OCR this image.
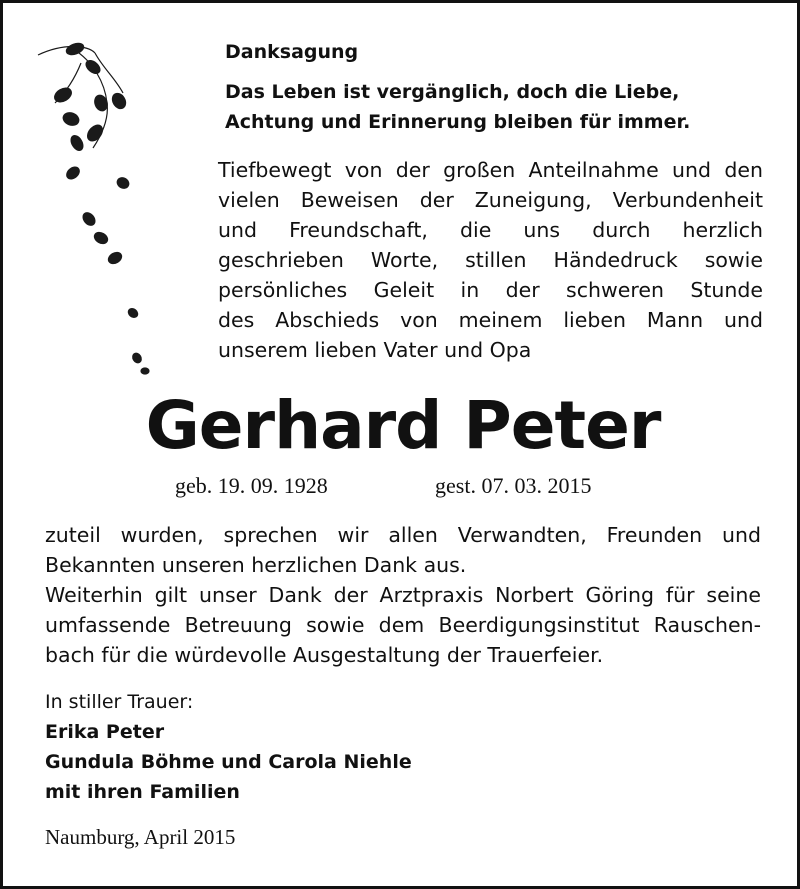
Danksagung
Das Leben ist vergänglich, doch die Liebe,
Achtung und Erinnerung bleiben für immer.
Tiefbewegt von der großen Anteilnahme und den
vielen Beweisen der Zuneigung, Verbundenheit
und Freundschaft, die uns durch herzlich
geschrieben Worte, stillen Händedruck sowie
persönliches Geleit in der schweren Stunde
des Abschieds von meinem lieben Mann und
unserem lieben Vater und Opa
Gerhard Peter
geb. 19. 09. 1928	gest. 07. 03. 2015
zuteil wurden, sprechen wir allen Verwandten, Freunden und
Bekannten unseren herzlichen Dank aus.
Weiterhin gilt unser Dank der Arztpraxis Norbert Göring für seine
umfassende Betreuung sowie dem Beerdigungsinstitut Rauschen-
bach für die würdevolle Ausgestaltung der Trauerfeier.
In stiller Trauer:
Erika Peter
Gundula Böhme und Carola Niehle
mit ihren Familien
Naumburg, April 2015
